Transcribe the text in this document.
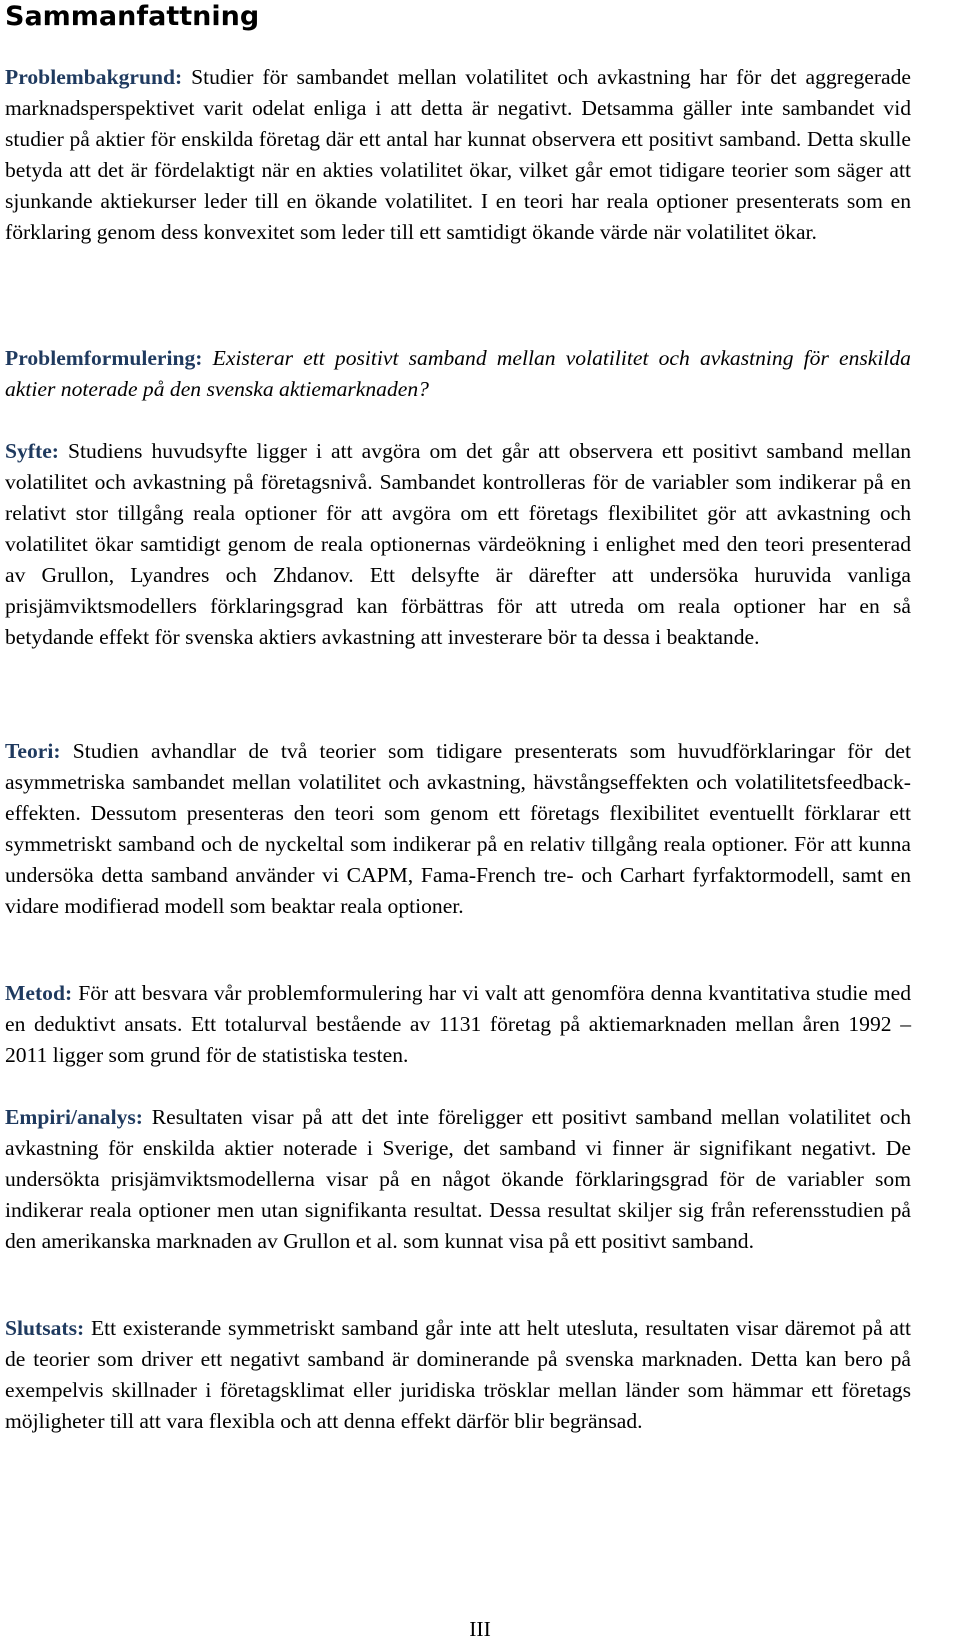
Sammanfattning

Problembakgrund: Studier för sambandet mellan volatilitet och avkastning har för det aggregerade marknadsperspektivet varit odelat enliga i att detta är negativt. Detsamma gäller inte sambandet vid studier på aktier för enskilda företag där ett antal har kunnat observera ett positivt samband. Detta skulle betyda att det är fördelaktigt när en akties volatilitet ökar, vilket går emot tidigare teorier som säger att sjunkande aktiekurser leder till en ökande volatilitet. I en teori har reala optioner presenterats som en förklaring genom dess konvexitet som leder till ett samtidigt ökande värde när volatilitet ökar.

Problemformulering: Existerar ett positivt samband mellan volatilitet och avkastning för enskilda aktier noterade på den svenska aktiemarknaden?

Syfte: Studiens huvudsyfte ligger i att avgöra om det går att observera ett positivt samband mellan volatilitet och avkastning på företagsnivå. Sambandet kontrolleras för de variabler som indikerar på en relativt stor tillgång reala optioner för att avgöra om ett företags flexibilitet gör att avkastning och volatilitet ökar samtidigt genom de reala optionernas värdeökning i enlighet med den teori presenterad av Grullon, Lyandres och Zhdanov. Ett delsyfte är därefter att undersöka huruvida vanliga prisjämviktsmodellers förklaringsgrad kan förbättras för att utreda om reala optioner har en så betydande effekt för svenska aktiers avkastning att investerare bör ta dessa i beaktande.

Teori: Studien avhandlar de två teorier som tidigare presenterats som huvudförklaringar för det asymmetriska sambandet mellan volatilitet och avkastning, hävstångseffekten och volatilitetsfeedback-effekten. Dessutom presenteras den teori som genom ett företags flexibilitet eventuellt förklarar ett symmetriskt samband och de nyckeltal som indikerar på en relativ tillgång reala optioner. För att kunna undersöka detta samband använder vi CAPM, Fama-French tre- och Carhart fyrfaktormodell, samt en vidare modifierad modell som beaktar reala optioner.

Metod: För att besvara vår problemformulering har vi valt att genomföra denna kvantitativa studie med en deduktivt ansats. Ett totalurval bestående av 1131 företag på aktiemarknaden mellan åren 1992 – 2011 ligger som grund för de statistiska testen.

Empiri/analys: Resultaten visar på att det inte föreligger ett positivt samband mellan volatilitet och avkastning för enskilda aktier noterade i Sverige, det samband vi finner är signifikant negativt. De undersökta prisjämviktsmodellerna visar på en något ökande förklaringsgrad för de variabler som indikerar reala optioner men utan signifikanta resultat. Dessa resultat skiljer sig från referensstudien på den amerikanska marknaden av Grullon et al. som kunnat visa på ett positivt samband.

Slutsats: Ett existerande symmetriskt samband går inte att helt utesluta, resultaten visar däremot på att de teorier som driver ett negativt samband är dominerande på svenska marknaden. Detta kan bero på exempelvis skillnader i företagsklimat eller juridiska trösklar mellan länder som hämmar ett företags möjligheter till att vara flexibla och att denna effekt därför blir begränsad.

III
